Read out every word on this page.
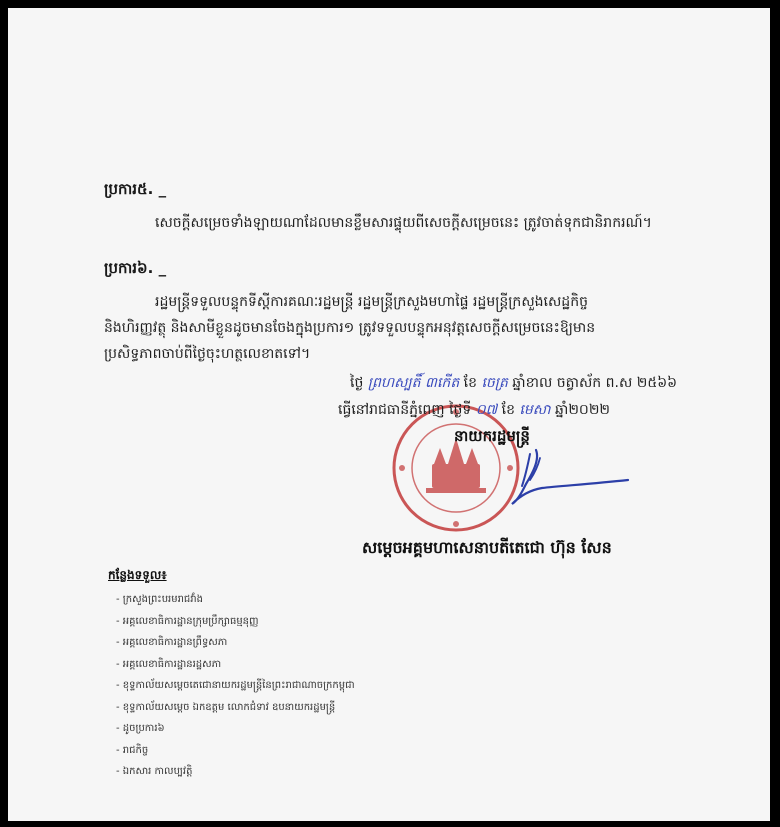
ប្រការ៥. _
សេចក្ដីសម្រេចទាំងឡាយណាដែលមានខ្លឹមសារផ្ទុយពីសេចក្ដីសម្រេចនេះ ត្រូវចាត់ទុកជានិរាករណ៍។
ប្រការ៦. _
រដ្ឋមន្ត្រីទទួលបន្ទុកទីស្ដីការគណៈរដ្ឋមន្ត្រី រដ្ឋមន្ត្រីក្រសួងមហាផ្ទៃ រដ្ឋមន្ត្រីក្រសួងសេដ្ឋកិច្ច
និងហិរញ្ញវត្ថុ និងសាមីខ្លួនដូចមានចែងក្នុងប្រការ១ ត្រូវទទួលបន្ទុកអនុវត្តសេចក្ដីសម្រេចនេះឱ្យមាន
ប្រសិទ្ធភាពចាប់ពីថ្ងៃចុះហត្ថលេខាតទៅ។
ថ្ងៃ ព្រហស្បតិ៍ ៣កើត ខែ ចេត្រ ឆ្នាំខាល ចត្វាស័ក ព.ស ២៥៦៦
ធ្វើនៅរាជធានីភ្នំពេញ ថ្ងៃទី ០៧ ខែ មេសា ឆ្នាំ២០២២
នាយករដ្ឋមន្ត្រី
សម្ដេចអគ្គមហាសេនាបតីតេជោ ហ៊ុន សែន
កន្លែងទទួល៖
- ក្រសួងព្រះបរមរាជវាំង
- អគ្គលេខាធិការដ្ឋានក្រុមប្រឹក្សាធម្មនុញ្ញ
- អគ្គលេខាធិការដ្ឋានព្រឹទ្ធសភា
- អគ្គលេខាធិការដ្ឋានរដ្ឋសភា
- ខុទ្ទកាល័យសម្ដេចតេជោនាយករដ្ឋមន្ត្រីនៃព្រះរាជាណាចក្រកម្ពុជា
- ខុទ្ទកាល័យសម្ដេច ឯកឧត្ដម លោកជំទាវ ឧបនាយករដ្ឋមន្ត្រី
- ដូចប្រការ៦
- រាជកិច្ច
- ឯកសារ កាលប្បវត្តិ
